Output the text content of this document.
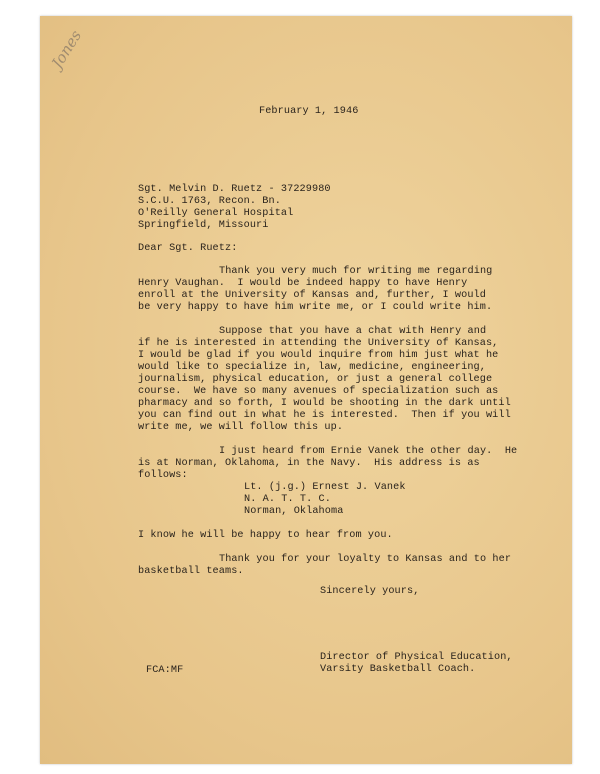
Jones

February 1, 1946

Sgt. Melvin D. Ruetz - 37229980

S.C.U. 1763, Recon. Bn.

O'Reilly General Hospital

Springfield, Missouri

Dear Sgt. Ruetz:

Thank you very much for writing me regarding

Henry Vaughan.  I would be indeed happy to have Henry

enroll at the University of Kansas and, further, I would

be very happy to have him write me, or I could write him.

Suppose that you have a chat with Henry and

if he is interested in attending the University of Kansas,

I would be glad if you would inquire from him just what he

would like to specialize in, law, medicine, engineering,

journalism, physical education, or just a general college

course.  We have so many avenues of specialization such as

pharmacy and so forth, I would be shooting in the dark until

you can find out in what he is interested.  Then if you will

write me, we will follow this up.

I just heard from Ernie Vanek the other day.  He

is at Norman, Oklahoma, in the Navy.  His address is as

follows:

Lt. (j.g.) Ernest J. Vanek

N. A. T. T. C.

Norman, Oklahoma

I know he will be happy to hear from you.

Thank you for your loyalty to Kansas and to her

basketball teams.

Sincerely yours,

Director of Physical Education,

Varsity Basketball Coach.

FCA:MF
